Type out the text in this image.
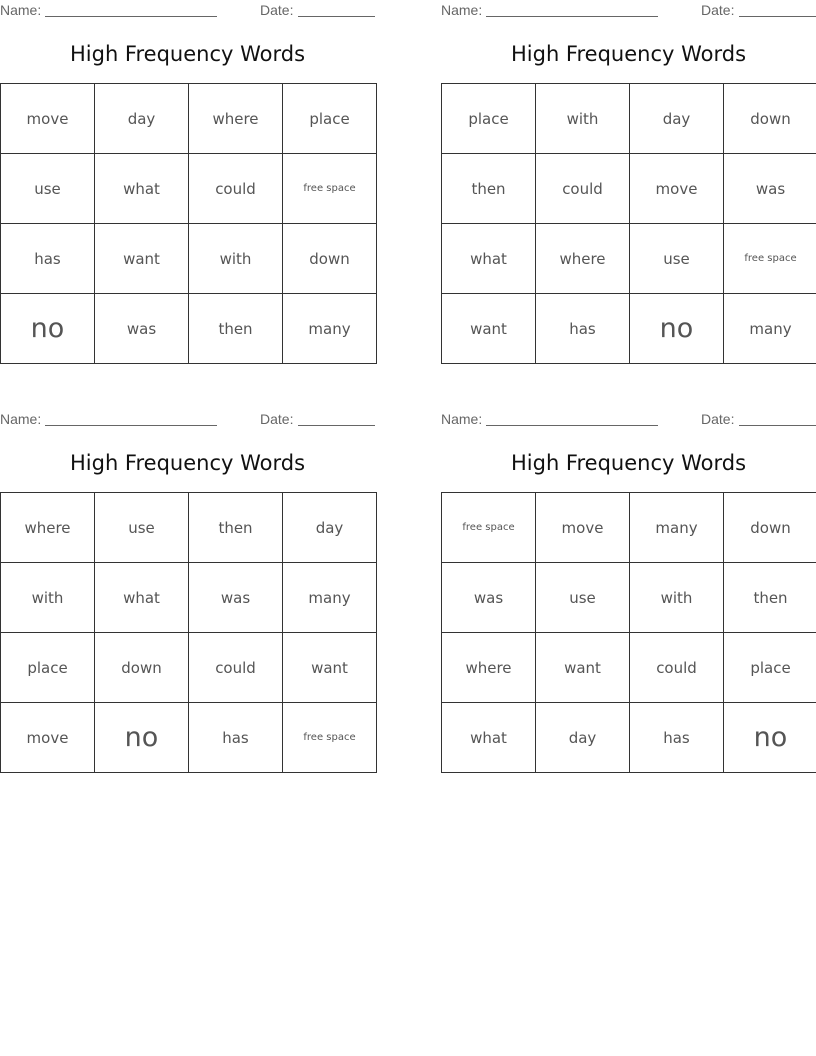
Name:	Date:
High Frequency Words
move	day	where	place
use	what	could	free space
has	want	with	down
no	was	then	many
Name:	Date:
High Frequency Words
place	with	day	down
then	could	move	was
what	where	use	free space
want	has	no	many
Name:	Date:
High Frequency Words
where	use	then	day
with	what	was	many
place	down	could	want
move	no	has	free space
Name:	Date:
High Frequency Words
free space	move	many	down
was	use	with	then
where	want	could	place
what	day	has	no
